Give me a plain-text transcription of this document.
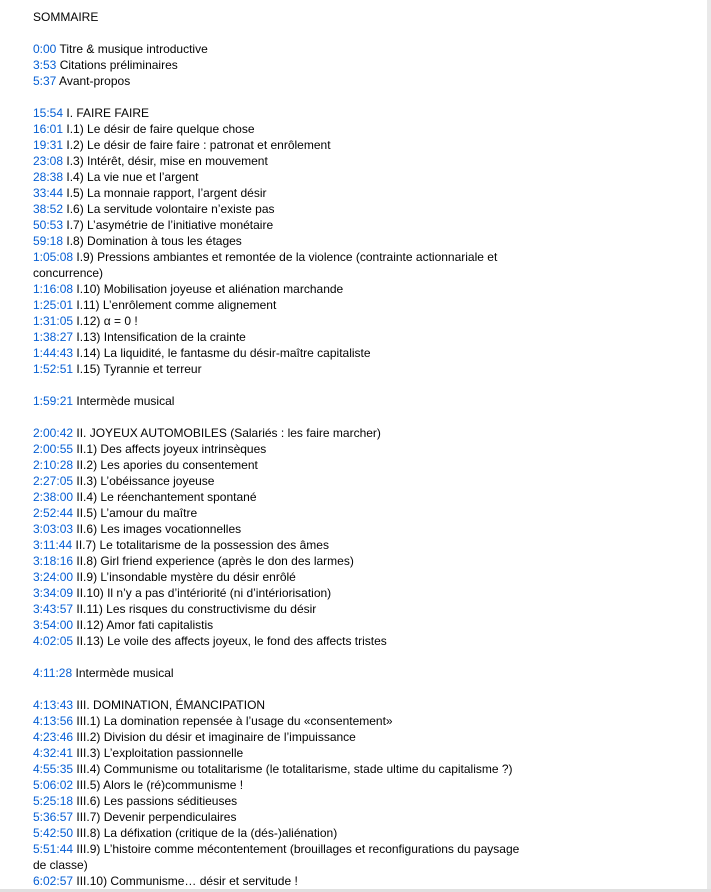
SOMMAIRE
0:00 Titre & musique introductive
3:53 Citations préliminaires
5:37 Avant-propos
15:54 I. FAIRE FAIRE
16:01 I.1) Le désir de faire quelque chose
19:31 I.2) Le désir de faire faire : patronat et enrôlement
23:08 I.3) Intérêt, désir, mise en mouvement
28:38 I.4) La vie nue et l’argent
33:44 I.5) La monnaie rapport, l’argent désir
38:52 I.6) La servitude volontaire n’existe pas
50:53 I.7) L’asymétrie de l’initiative monétaire
59:18 I.8) Domination à tous les étages
1:05:08 I.9) Pressions ambiantes et remontée de la violence (contrainte actionnariale et concurrence)
1:16:08 I.10) Mobilisation joyeuse et aliénation marchande
1:25:01 I.11) L’enrôlement comme alignement
1:31:05 I.12) α = 0 !
1:38:27 I.13) Intensification de la crainte
1:44:43 I.14) La liquidité, le fantasme du désir-maître capitaliste
1:52:51 I.15) Tyrannie et terreur
1:59:21 Intermède musical
2:00:42 II. JOYEUX AUTOMOBILES (Salariés : les faire marcher)
2:00:55 II.1) Des affects joyeux intrinsèques
2:10:28 II.2) Les apories du consentement
2:27:05 II.3) L’obéissance joyeuse
2:38:00 II.4) Le réenchantement spontané
2:52:44 II.5) L’amour du maître
3:03:03 II.6) Les images vocationnelles
3:11:44 II.7) Le totalitarisme de la possession des âmes
3:18:16 II.8) Girl friend experience (après le don des larmes)
3:24:00 II.9) L’insondable mystère du désir enrôlé
3:34:09 II.10) Il n’y a pas d’intériorité (ni d’intériorisation)
3:43:57 II.11) Les risques du constructivisme du désir
3:54:00 II.12) Amor fati capitalistis
4:02:05 II.13) Le voile des affects joyeux, le fond des affects tristes
4:11:28 Intermède musical
4:13:43 III. DOMINATION, ÉMANCIPATION
4:13:56 III.1) La domination repensée à l’usage du «consentement»
4:23:46 III.2) Division du désir et imaginaire de l’impuissance
4:32:41 III.3) L’exploitation passionnelle
4:55:35 III.4) Communisme ou totalitarisme (le totalitarisme, stade ultime du capitalisme ?)
5:06:02 III.5) Alors le (ré)communisme !
5:25:18 III.6) Les passions séditieuses
5:36:57 III.7) Devenir perpendiculaires
5:42:50 III.8) La défixation (critique de la (dés-)aliénation)
5:51:44 III.9) L’histoire comme mécontentement (brouillages et reconfigurations du paysage de classe)
6:02:57 III.10) Communisme… désir et servitude !
